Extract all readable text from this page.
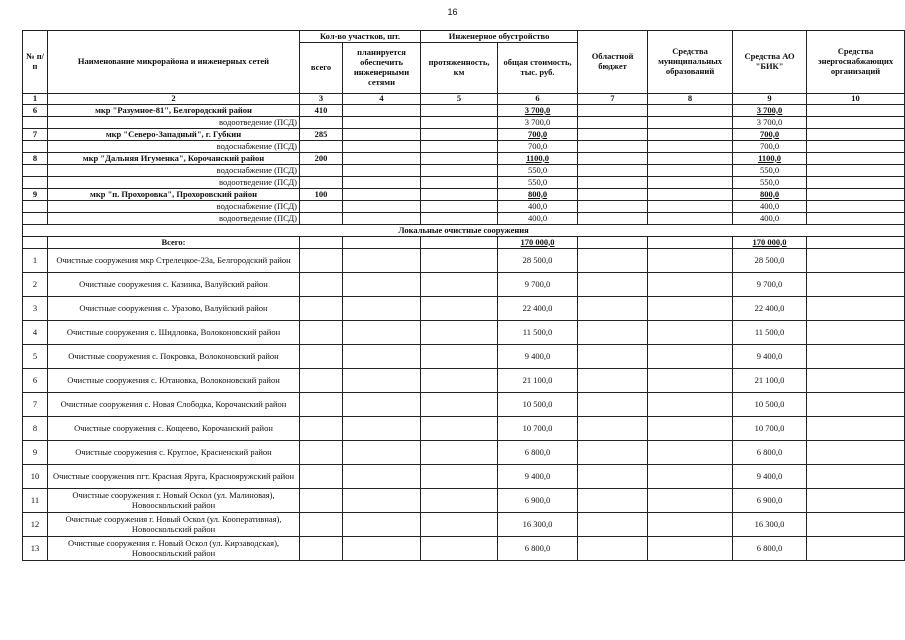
16
№ п/п	Наименование микрорайона и инженерных сетей	Кол-во участков, шт.		Инженерное обустройство		Областной бюджет	Средства муниципальных образований	Средства АО "БИК"	Средства энергоснабжающих организаций
		всего	планируется обеспечить инженерными сетями	протяженность, км	общая стоимость, тыс. руб.				
1	2	3	4	5	6	7	8	9	10
6	мкр "Разумное-81", Белгородский район	410			3 700,0			3 700,0	
	водоотведение (ПСД)				3 700,0			3 700,0	
7	мкр "Северо-Западный", г. Губкин	285			700,0			700,0	
	водоснабжение (ПСД)				700,0			700,0	
8	мкр "Дальняя Игуменка", Корочанский район	200			1100,0			1100,0	
	водоснабжение (ПСД)				550,0			550,0	
	водоотведение (ПСД)				550,0			550,0	
9	мкр "п. Прохоровка", Прохоровский район	100			800,0			800,0	
	водоснабжение (ПСД)				400,0			400,0	
	водоотведение (ПСД)				400,0			400,0	
Локальные очистные сооружения									
	Всего:				170 000,0			170 000,0	
1	Очистные сооружения мкр Стрелецкое-23а, Белгородский район				28 500,0			28 500,0	
2	Очистные сооружения с. Казинка, Валуйский район				9 700,0			9 700,0	
3	Очистные сооружения с. Уразово, Валуйский район				22 400,0			22 400,0	
4	Очистные сооружения с. Шидловка, Волоконовский район				11 500,0			11 500,0	
5	Очистные сооружения с. Покровка, Волоконовский район				9 400,0			9 400,0	
6	Очистные сооружения с. Ютановка, Волоконовский район				21 100,0			21 100,0	
7	Очистные сооружения с. Новая Слободка, Корочанский район				10 500,0			10 500,0	
8	Очистные сооружения с. Кощеево, Корочанский район				10 700,0			10 700,0	
9	Очистные сооружения с. Круглое, Красненский район				6 800,0			6 800,0	
10	Очистные сооружения пгт. Красная Яруга, Краснояружский район				9 400,0			9 400,0	
11	Очистные сооружения г. Новый Оскол (ул. Малиновая), Новооскольский район				6 900,0			6 900,0	
12	Очистные сооружения г. Новый Оскол (ул. Кооперативная), Новооскольский район				16 300,0			16 300,0	
13	Очистные сооружения г. Новый Оскол (ул. Кирзаводская), Новооскольский район				6 800,0			6 800,0	
